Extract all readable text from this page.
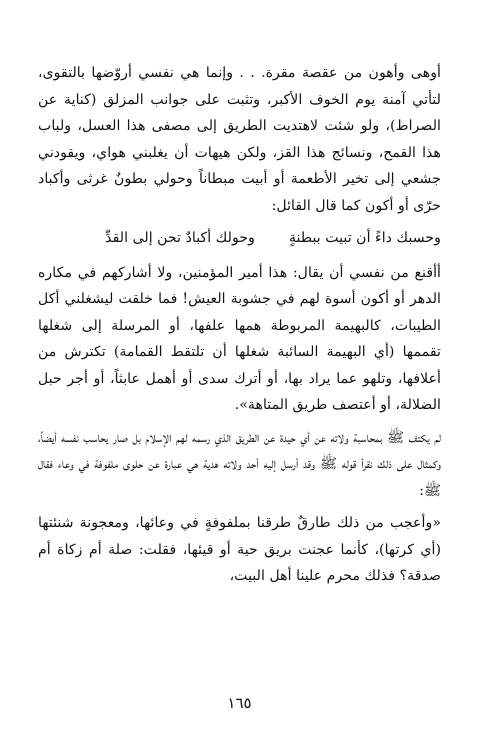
أوهى وأهون من عقصة مقرة. . . وإنما هي نفسي أروّضها بالتقوى، لتأتي آمنة يوم الخوف الأكبر، وتثبت على جوانب المزلق (كناية عن الصراط)، ولو شئت لاهتديت الطريق إلى مصفى هذا العسل، ولباب هذا القمح، ونسائج هذا القز، ولكن هيهات أن يغلبني هواي، ويقودني جشعي إلى تخير الأطعمة أو أبيت مبطاناً وحولي بطونٌ غرثى وأكباد حرّى أو أكون كما قال القائل:

وحسبك داءً أن تبيت ببطنةٍ
وحولك أكبادٌ تحن إلى القدِّ

أأقنع من نفسي أن يقال: هذا أمير المؤمنين، ولا أشاركهم في مكاره الدهر أو أكون أسوة لهم في جشوبة العيش! فما خلقت ليشغلني أكل الطيبات، كالبهيمة المربوطة همها علفها، أو المرسلة إلى شغلها تقممها (أي البهيمة السائبة شغلها أن تلتقط القمامة) تكترش من أعلافها، وتلهو عما يراد بها، أو أترك سدى أو أهمل عابثاً، أو أجر حبل الضلالة، أو أعتصف طريق المتاهة».

لم يكتف ﷺ بمحاسبة ولاته عن أي حيدة عن الطريق الذي رسمه لهم الإسلام بل صار يحاسب نفسه أيضاً، وكمثال على ذلك نقرأ قوله ﷺ وقد أرسل إليه أحد ولاته هدية هي عبارة عن حلوى ملفوفة في وعاء فقال ﷺ:

«وأعجب من ذلك طارقٌ طرقنا بملفوفةٍ في وعائها، ومعجونة شنئتها (أي كرتها)، كأنما عجنت بريق حية أو قيئها، فقلت: صلة أم زكاة أم صدقة؟ فذلك محرم علينا أهل البيت،

١٦٥
